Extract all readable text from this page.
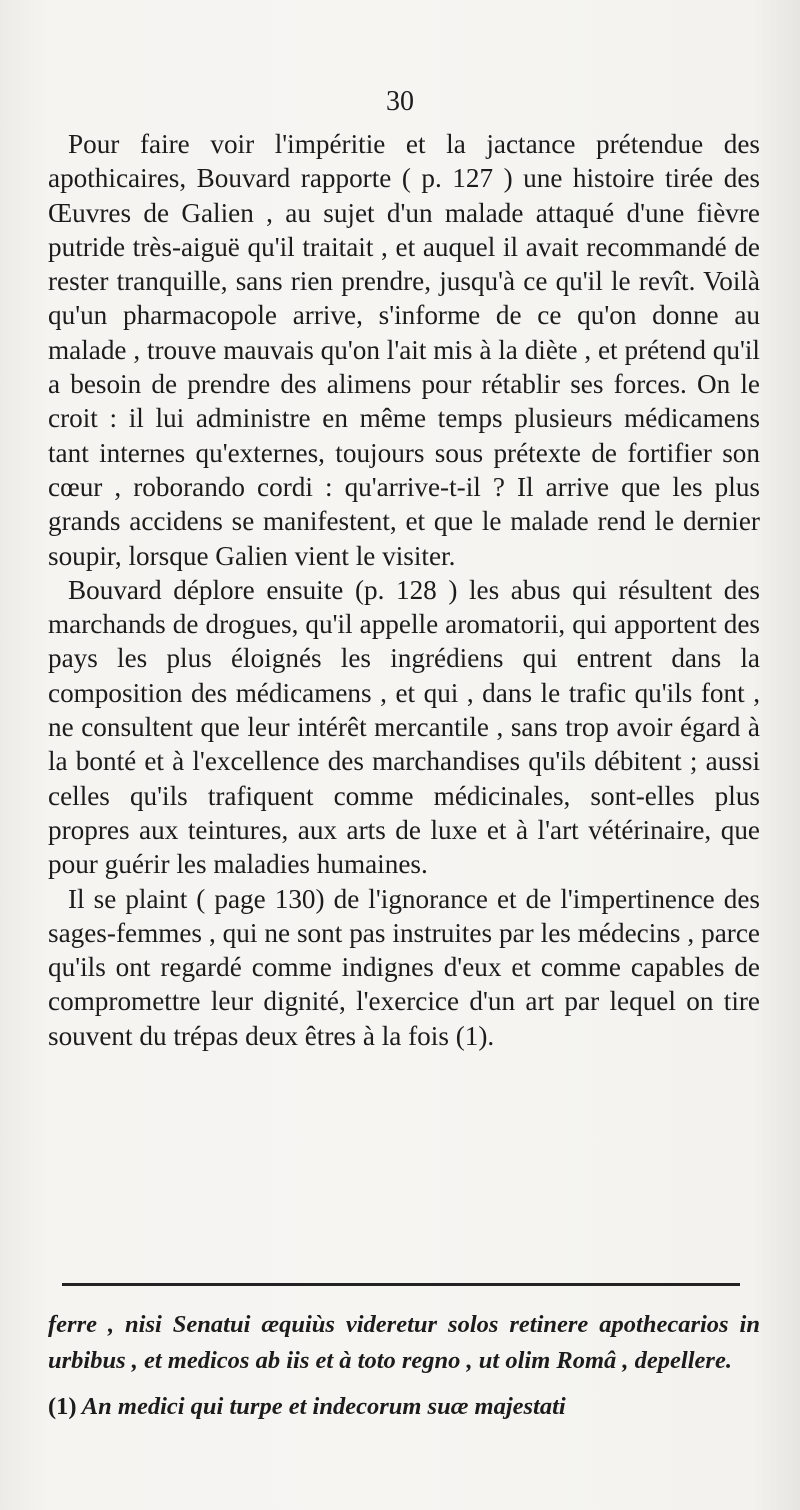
30

Pour faire voir l'impéritie et la jactance prétendue des apothicaires, Bouvard rapporte ( p. 127 ) une histoire tirée des Œuvres de Galien , au sujet d'un malade attaqué d'une fièvre putride très-aiguë qu'il traitait , et auquel il avait recommandé de rester tranquille, sans rien prendre, jusqu'à ce qu'il le revît. Voilà qu'un pharmacopole arrive, s'informe de ce qu'on donne au malade , trouve mauvais qu'on l'ait mis à la diète , et prétend qu'il a besoin de prendre des alimens pour rétablir ses forces. On le croit : il lui administre en même temps plusieurs médicamens tant internes qu'externes, toujours sous prétexte de fortifier son cœur , roborando cordi : qu'arrive-t-il ? Il arrive que les plus grands accidens se manifestent, et que le malade rend le dernier soupir, lorsque Galien vient le visiter.

Bouvard déplore ensuite (p. 128 ) les abus qui résultent des marchands de drogues, qu'il appelle aromatorii, qui apportent des pays les plus éloignés les ingrédiens qui entrent dans la composition des médicamens , et qui , dans le trafic qu'ils font , ne consultent que leur intérêt mercantile , sans trop avoir égard à la bonté et à l'excellence des marchandises qu'ils débitent ; aussi celles qu'ils trafiquent comme médicinales, sont-elles plus propres aux teintures, aux arts de luxe et à l'art vétérinaire, que pour guérir les maladies humaines.

Il se plaint ( page 130) de l'ignorance et de l'impertinence des sages-femmes , qui ne sont pas instruites par les médecins , parce qu'ils ont regardé comme indignes d'eux et comme capables de compromettre leur dignité, l'exercice d'un art par lequel on tire souvent du trépas deux êtres à la fois (1).

ferre , nisi Senatui æquiùs videretur solos retinere apothecarios in urbibus , et medicos ab iis et à toto regno , ut olim Româ , depellere.

(1) An medici qui turpe et indecorum suæ majestati
